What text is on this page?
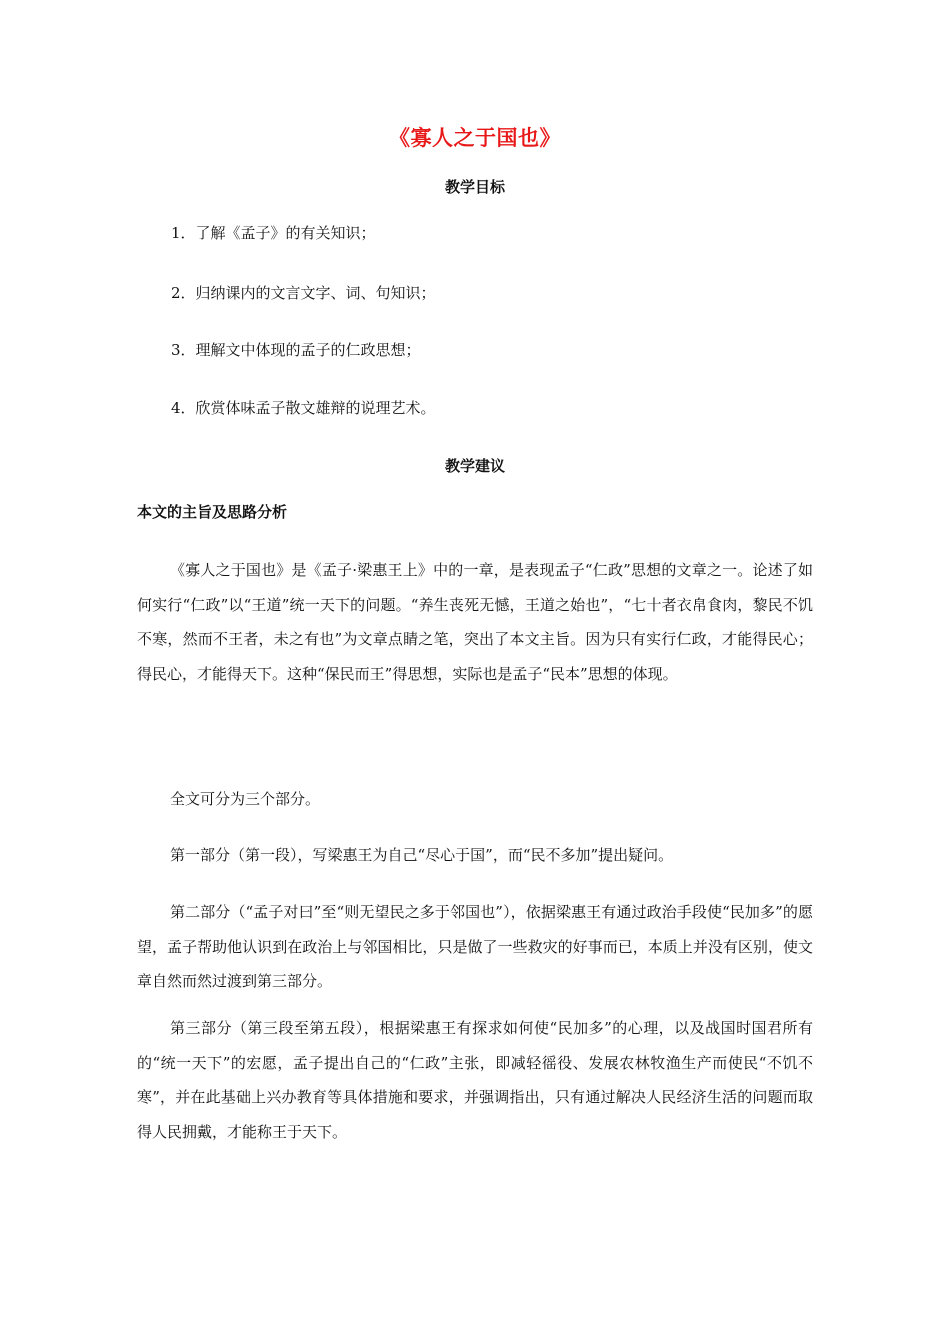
《寡人之于国也》
教学目标
1．了解《孟子》的有关知识；
2．归纳课内的文言文字、词、句知识；
3．理解文中体现的孟子的仁政思想；
4．欣赏体味孟子散文雄辩的说理艺术。
教学建议
本文的主旨及思路分析
《寡人之于国也》是《孟子·梁惠王上》中的一章，是表现孟子“仁政”思想的文章之一。论述了如何实行“仁政”以“王道”统一天下的问题。“养生丧死无憾，王道之始也”，“七十者衣帛食肉，黎民不饥不寒，然而不王者，未之有也”为文章点睛之笔，突出了本文主旨。因为只有实行仁政，才能得民心；得民心，才能得天下。这种“保民而王”得思想，实际也是孟子“民本”思想的体现。
全文可分为三个部分。
第一部分（第一段），写梁惠王为自己“尽心于国”，而“民不多加”提出疑问。
第二部分（“孟子对曰”至“则无望民之多于邻国也”），依据梁惠王有通过政治手段使“民加多”的愿望，孟子帮助他认识到在政治上与邻国相比，只是做了一些救灾的好事而已，本质上并没有区别，使文章自然而然过渡到第三部分。
第三部分（第三段至第五段），根据梁惠王有探求如何使“民加多”的心理，以及战国时国君所有的“统一天下”的宏愿，孟子提出自己的“仁政”主张，即减轻徭役、发展农林牧渔生产而使民“不饥不寒”，并在此基础上兴办教育等具体措施和要求，并强调指出，只有通过解决人民经济生活的问题而取得人民拥戴，才能称王于天下。
